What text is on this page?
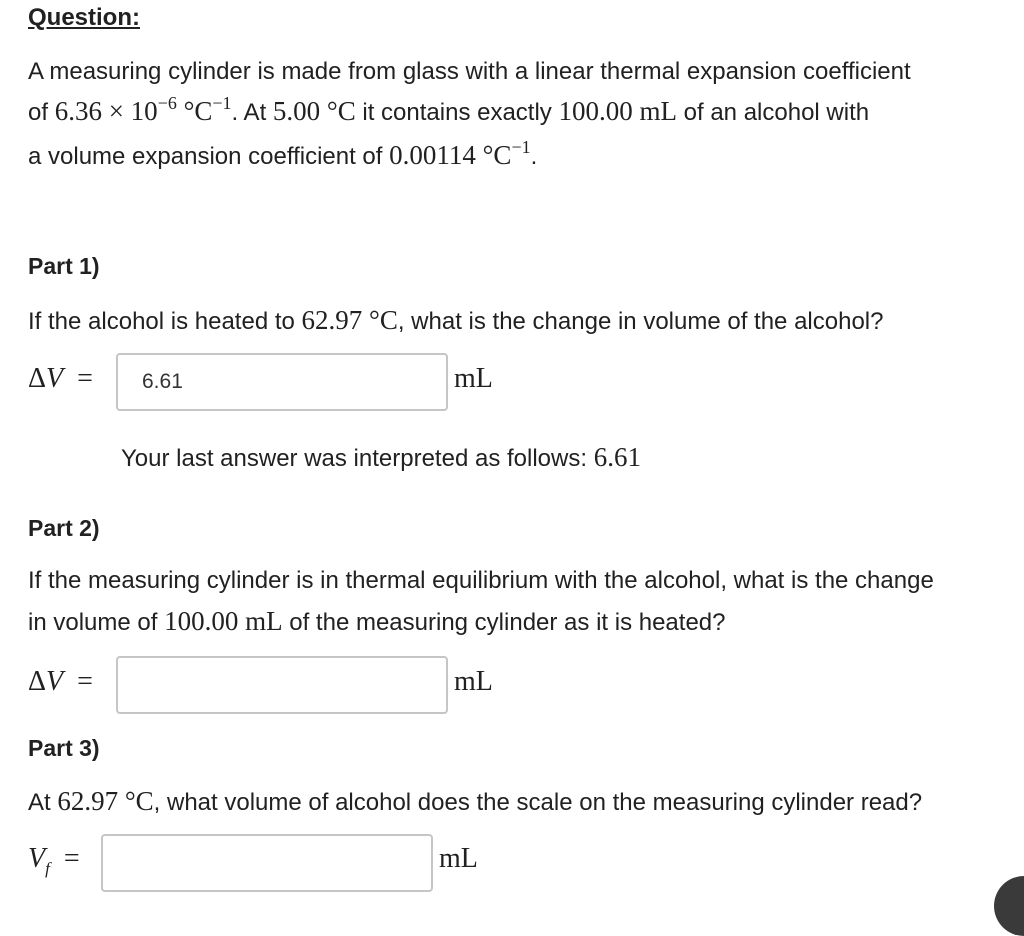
Question:
A measuring cylinder is made from glass with a linear thermal expansion coefficient
of $6.36 \times 10^{-6}$ $^\circ C^{-1}$. At 5.00 °C it contains exactly 100.00 mL of an alcohol with
a volume expansion coefficient of 0.00114 $^\circ C^{-1}$.
Part 1)
If the alcohol is heated to 62.97 °C, what is the change in volume of the alcohol?
ΔV =
6.61	mL
Your last answer was interpreted as follows: 6.61
Part 2)
If the measuring cylinder is in thermal equilibrium with the alcohol, what is the change
in volume of 100.00 mL of the measuring cylinder as it is heated?
ΔV =	mL
Part 3)
At 62.97 °C, what volume of alcohol does the scale on the measuring cylinder read?
$V_f$ =	mL
